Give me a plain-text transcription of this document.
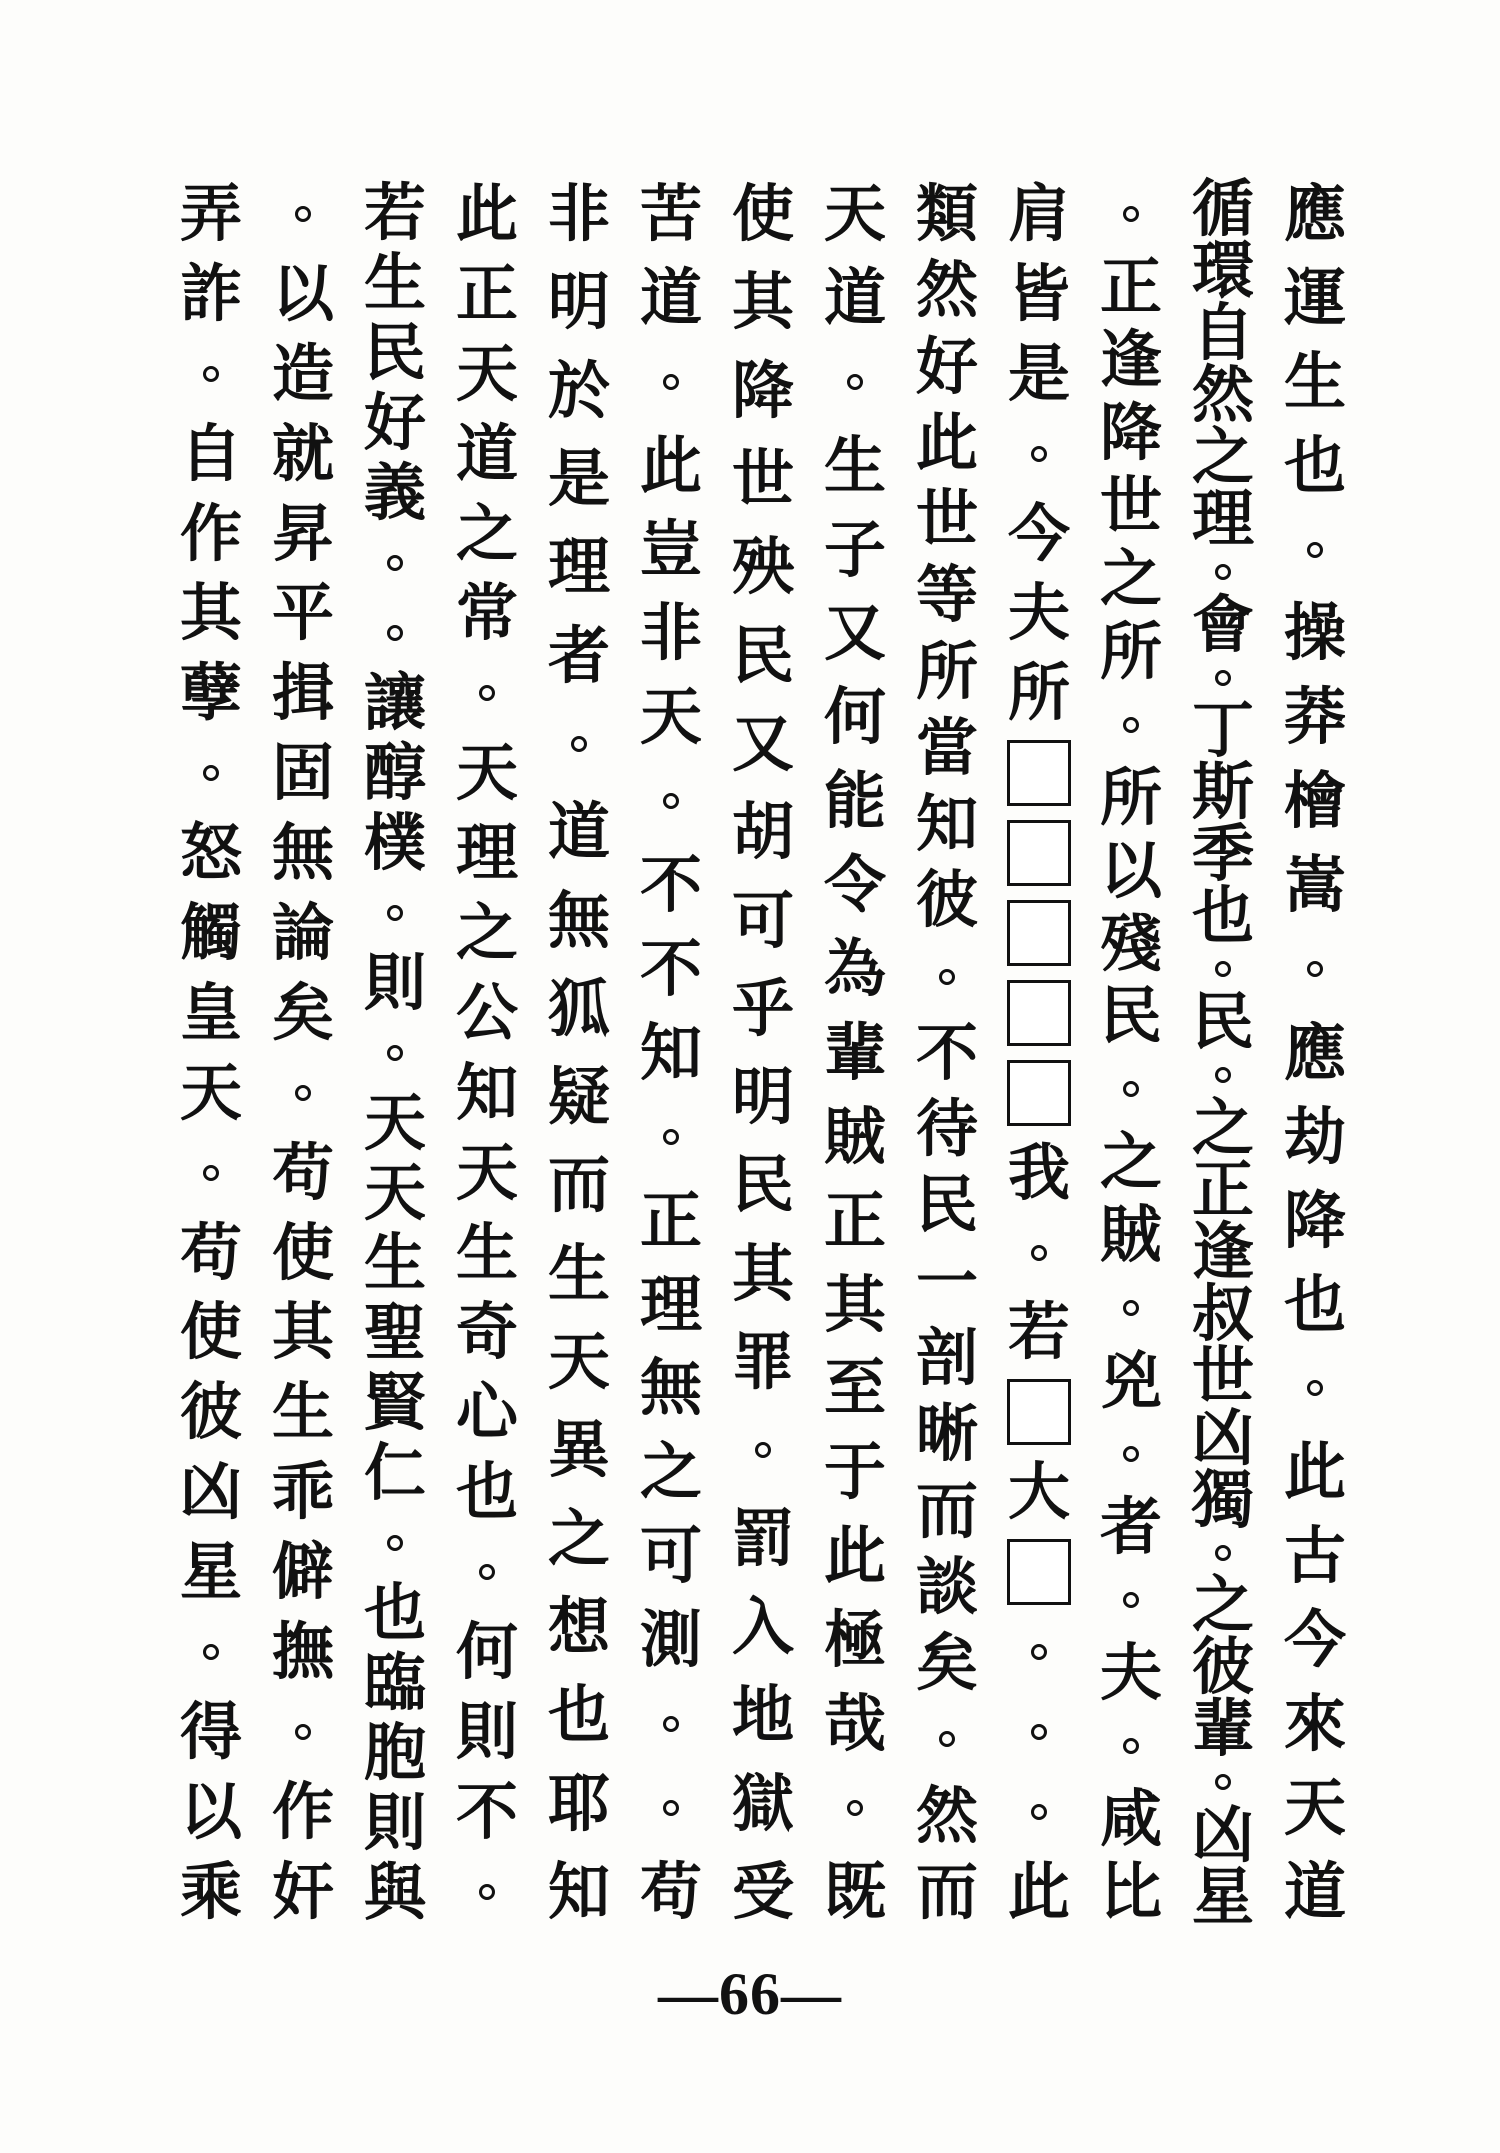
應
運
生
也
操
莽
檜
嵩
應
劫
降
也
此
古
今
來
天
道
循
環
自
然
之
理
會
丁
斯
季
也
民
之
正
逢
叔
世
凶
獨
之
彼
輩
凶
星
正
逢
降
世
之
所
所
以
殘
民
之
賊
兇
者
夫
咸
比
肩
皆
是
今
夫
所
我
若
大
此
類
然
好
此
世
等
所
當
知
彼
不
待
民
一
剖
晰
而
談
矣
然
而
天
道
生
子
又
何
能
令
為
輩
賊
正
其
至
于
此
極
哉
既
使
其
降
世
殃
民
又
胡
可
乎
明
民
其
罪
罰
入
地
獄
受
苦
道
此
豈
非
天
不
不
知
正
理
無
之
可
測
苟
非
明
於
是
理
者
道
無
狐
疑
而
生
天
異
之
想
也
耶
知
此
正
天
道
之
常
天
理
之
公
知
天
生
奇
心
也
何
則
不
若
生
民
好
義
讓
醇
樸
則
天
天
生
聖
賢
仁
也
臨
胞
則
與
以
造
就
昇
平
揖
固
無
論
矣
苟
使
其
生
乖
僻
撫
作
奸
弄
詐
自
作
其
孽
怒
觸
皇
天
苟
使
彼
凶
星
得
以
乘
—66—
